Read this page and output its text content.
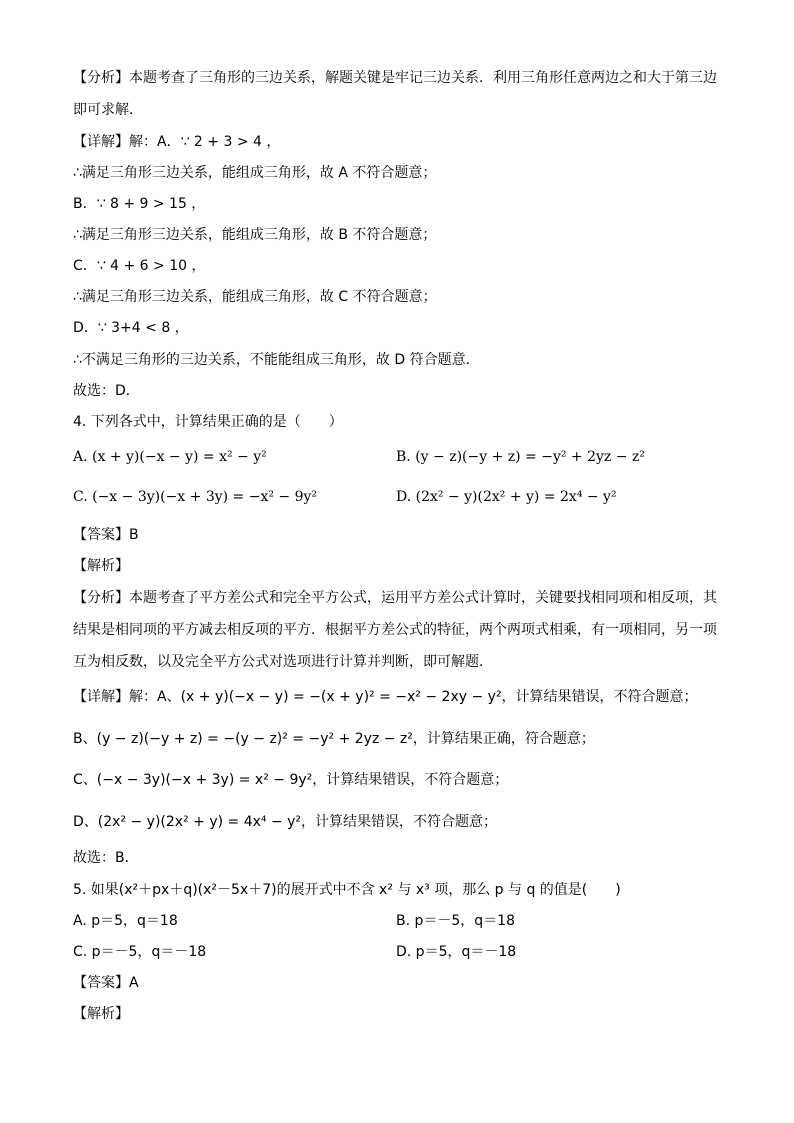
【分析】本题考查了三角形的三边关系，解题关键是牢记三边关系．利用三角形任意两边之和大于第三边
即可求解．
【详解】解：A．∵ 2 + 3 > 4 ，
∴满足三角形三边关系，能组成三角形，故 A 不符合题意；
B．∵ 8 + 9 > 15 ，
∴满足三角形三边关系，能组成三角形，故 B 不符合题意；
C．∵ 4 + 6 > 10 ，
∴满足三角形三边关系，能组成三角形，故 C 不符合题意；
D．∵ 3+4 < 8 ，
∴不满足三角形的三边关系，不能能组成三角形，故 D 符合题意．
故选：D．
4. 下列各式中，计算结果正确的是（　　）
A. (x + y)(−x − y) = x² − y²	B. (y − z)(−y + z) = −y² + 2yz − z²
C. (−x − 3y)(−x + 3y) = −x² − 9y²	D. (2x² − y)(2x² + y) = 2x⁴ − y²
【答案】B
【解析】
【分析】本题考查了平方差公式和完全平方公式，运用平方差公式计算时，关键要找相同项和相反项，其
结果是相同项的平方减去相反项的平方．根据平方差公式的特征，两个两项式相乘，有一项相同，另一项
互为相反数，以及完全平方公式对选项进行计算并判断，即可解题．
【详解】解：A、(x + y)(−x − y) = −(x + y)² = −x² − 2xy − y²，计算结果错误，不符合题意；
B、(y − z)(−y + z) = −(y − z)² = −y² + 2yz − z²，计算结果正确，符合题意；
C、(−x − 3y)(−x + 3y) = x² − 9y²，计算结果错误，不符合题意；
D、(2x² − y)(2x² + y) = 4x⁴ − y²，计算结果错误，不符合题意；
故选：B．
5. 如果(x²＋px＋q)(x²－5x＋7)的展开式中不含 x² 与 x³ 项，那么 p 与 q 的值是(　　)
A. p＝5，q＝18	B. p＝－5，q＝18
C. p＝－5，q＝－18	D. p＝5，q＝－18
【答案】A
【解析】
